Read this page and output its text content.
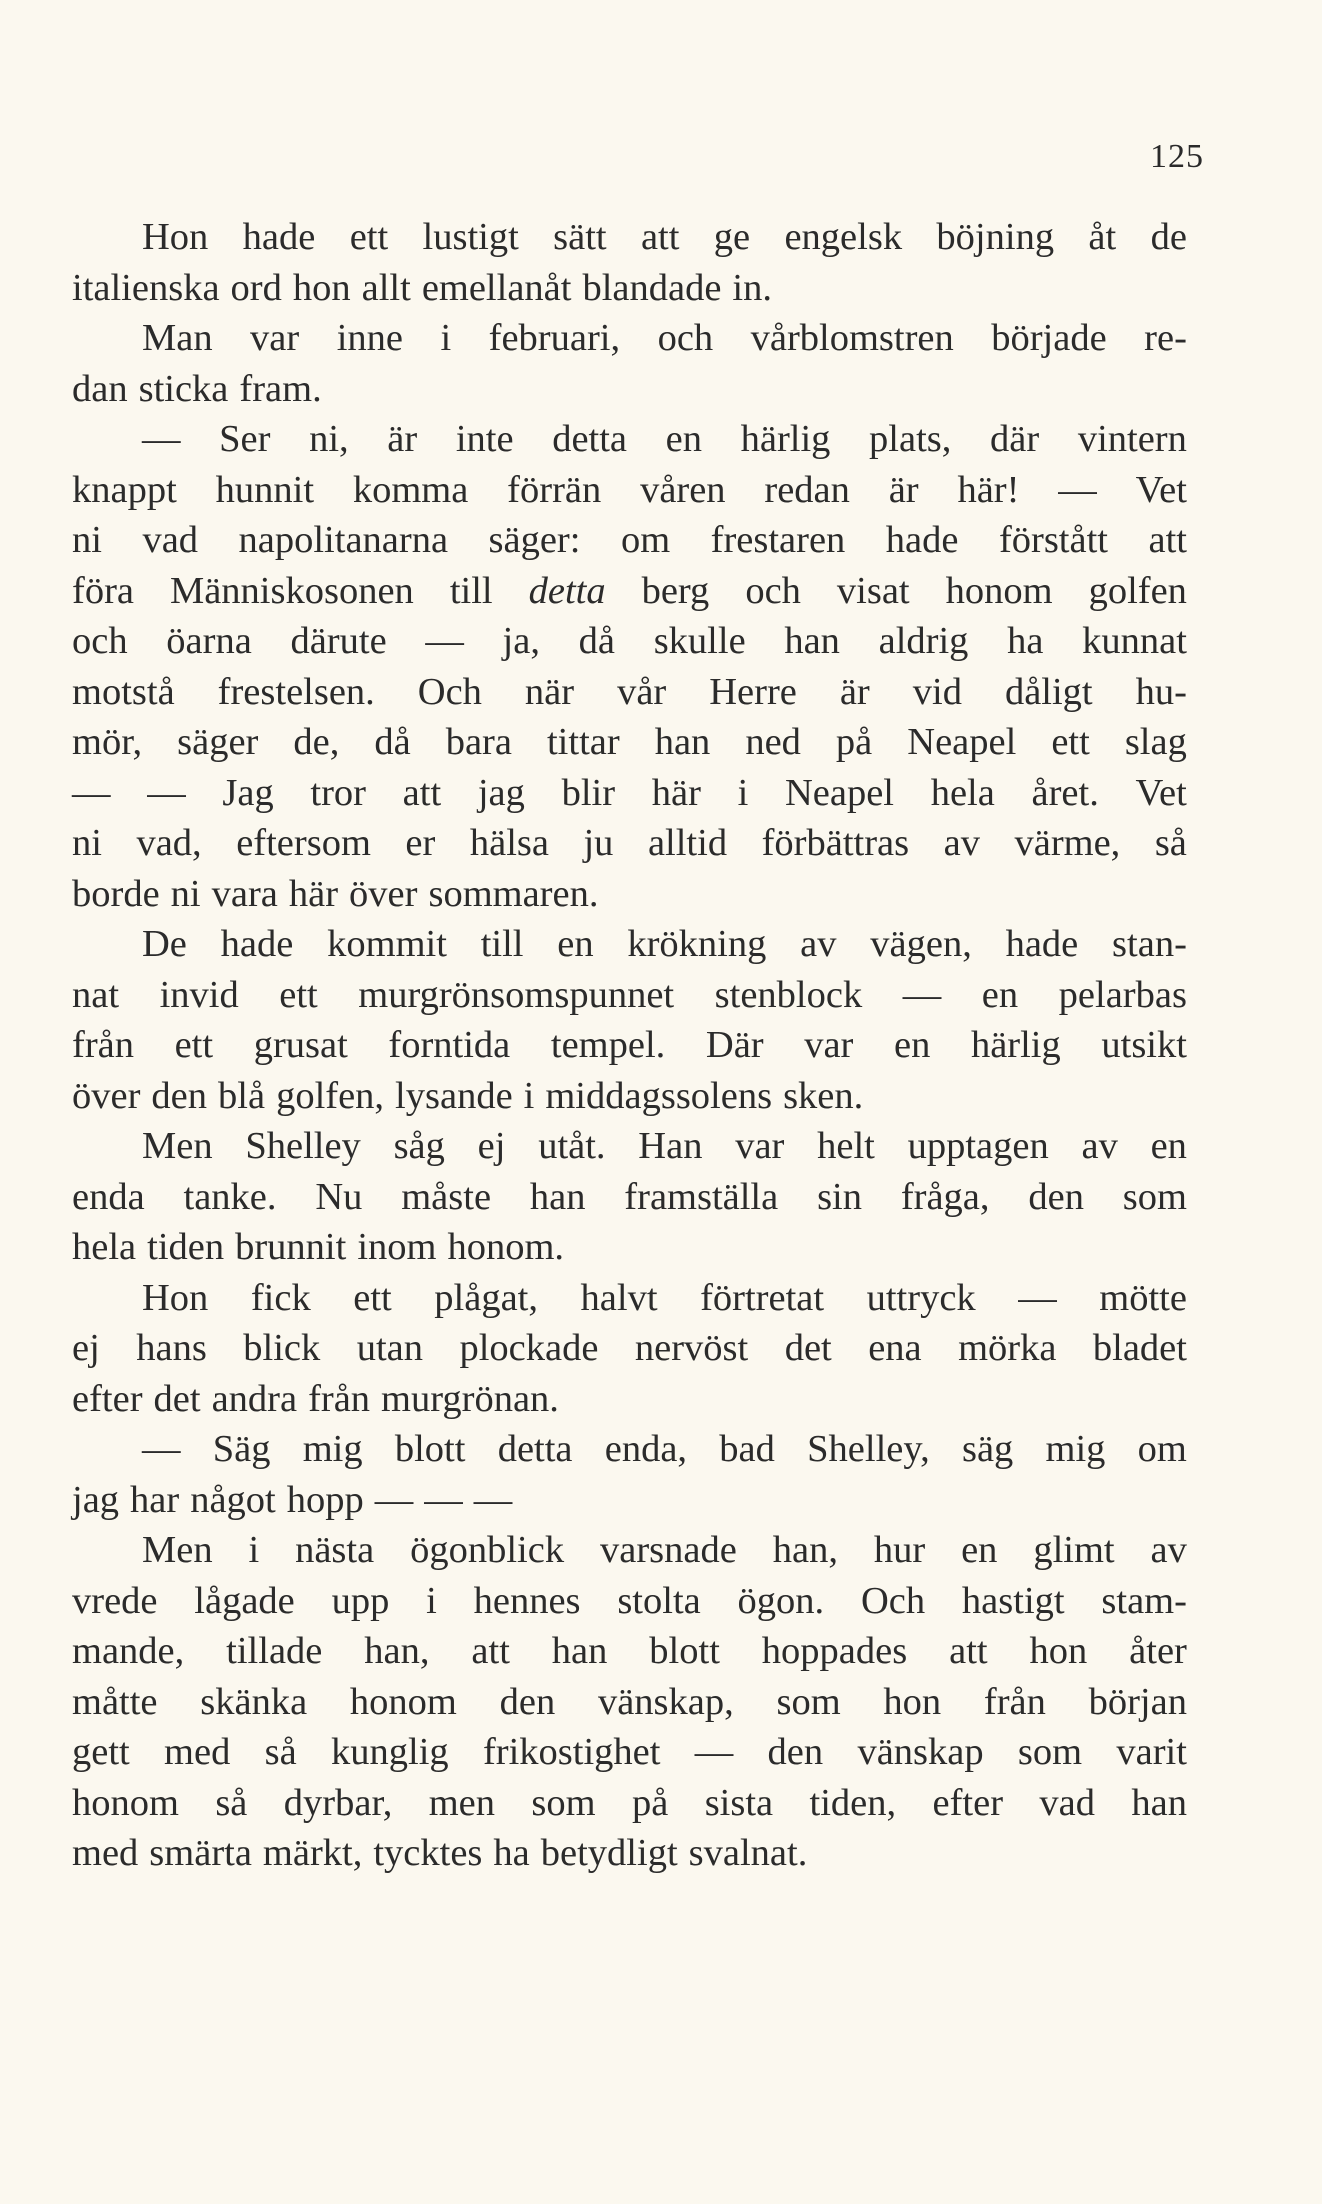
125
Hon hade ett lustigt sätt att ge engelsk böjning åt de
italienska ord hon allt emellanåt blandade in.
Man var inne i februari, och vårblomstren började re-
dan sticka fram.
— Ser ni, är inte detta en härlig plats, där vintern
knappt hunnit komma förrän våren redan är här! — Vet
ni vad napolitanarna säger: om frestaren hade förstått att
föra Människosonen till detta berg och visat honom golfen
och öarna därute — ja, då skulle han aldrig ha kunnat
motstå frestelsen. Och när vår Herre är vid dåligt hu-
mör, säger de, då bara tittar han ned på Neapel ett slag
— — Jag tror att jag blir här i Neapel hela året. Vet
ni vad, eftersom er hälsa ju alltid förbättras av värme, så
borde ni vara här över sommaren.
De hade kommit till en krökning av vägen, hade stan-
nat invid ett murgrönsomspunnet stenblock — en pelarbas
från ett grusat forntida tempel. Där var en härlig utsikt
över den blå golfen, lysande i middagssolens sken.
Men Shelley såg ej utåt. Han var helt upptagen av en
enda tanke. Nu måste han framställa sin fråga, den som
hela tiden brunnit inom honom.
Hon fick ett plågat, halvt förtretat uttryck — mötte
ej hans blick utan plockade nervöst det ena mörka bladet
efter det andra från murgrönan.
— Säg mig blott detta enda, bad Shelley, säg mig om
jag har något hopp — — —
Men i nästa ögonblick varsnade han, hur en glimt av
vrede lågade upp i hennes stolta ögon. Och hastigt stam-
mande, tillade han, att han blott hoppades att hon åter
måtte skänka honom den vänskap, som hon från början
gett med så kunglig frikostighet — den vänskap som varit
honom så dyrbar, men som på sista tiden, efter vad han
med smärta märkt, tycktes ha betydligt svalnat.
